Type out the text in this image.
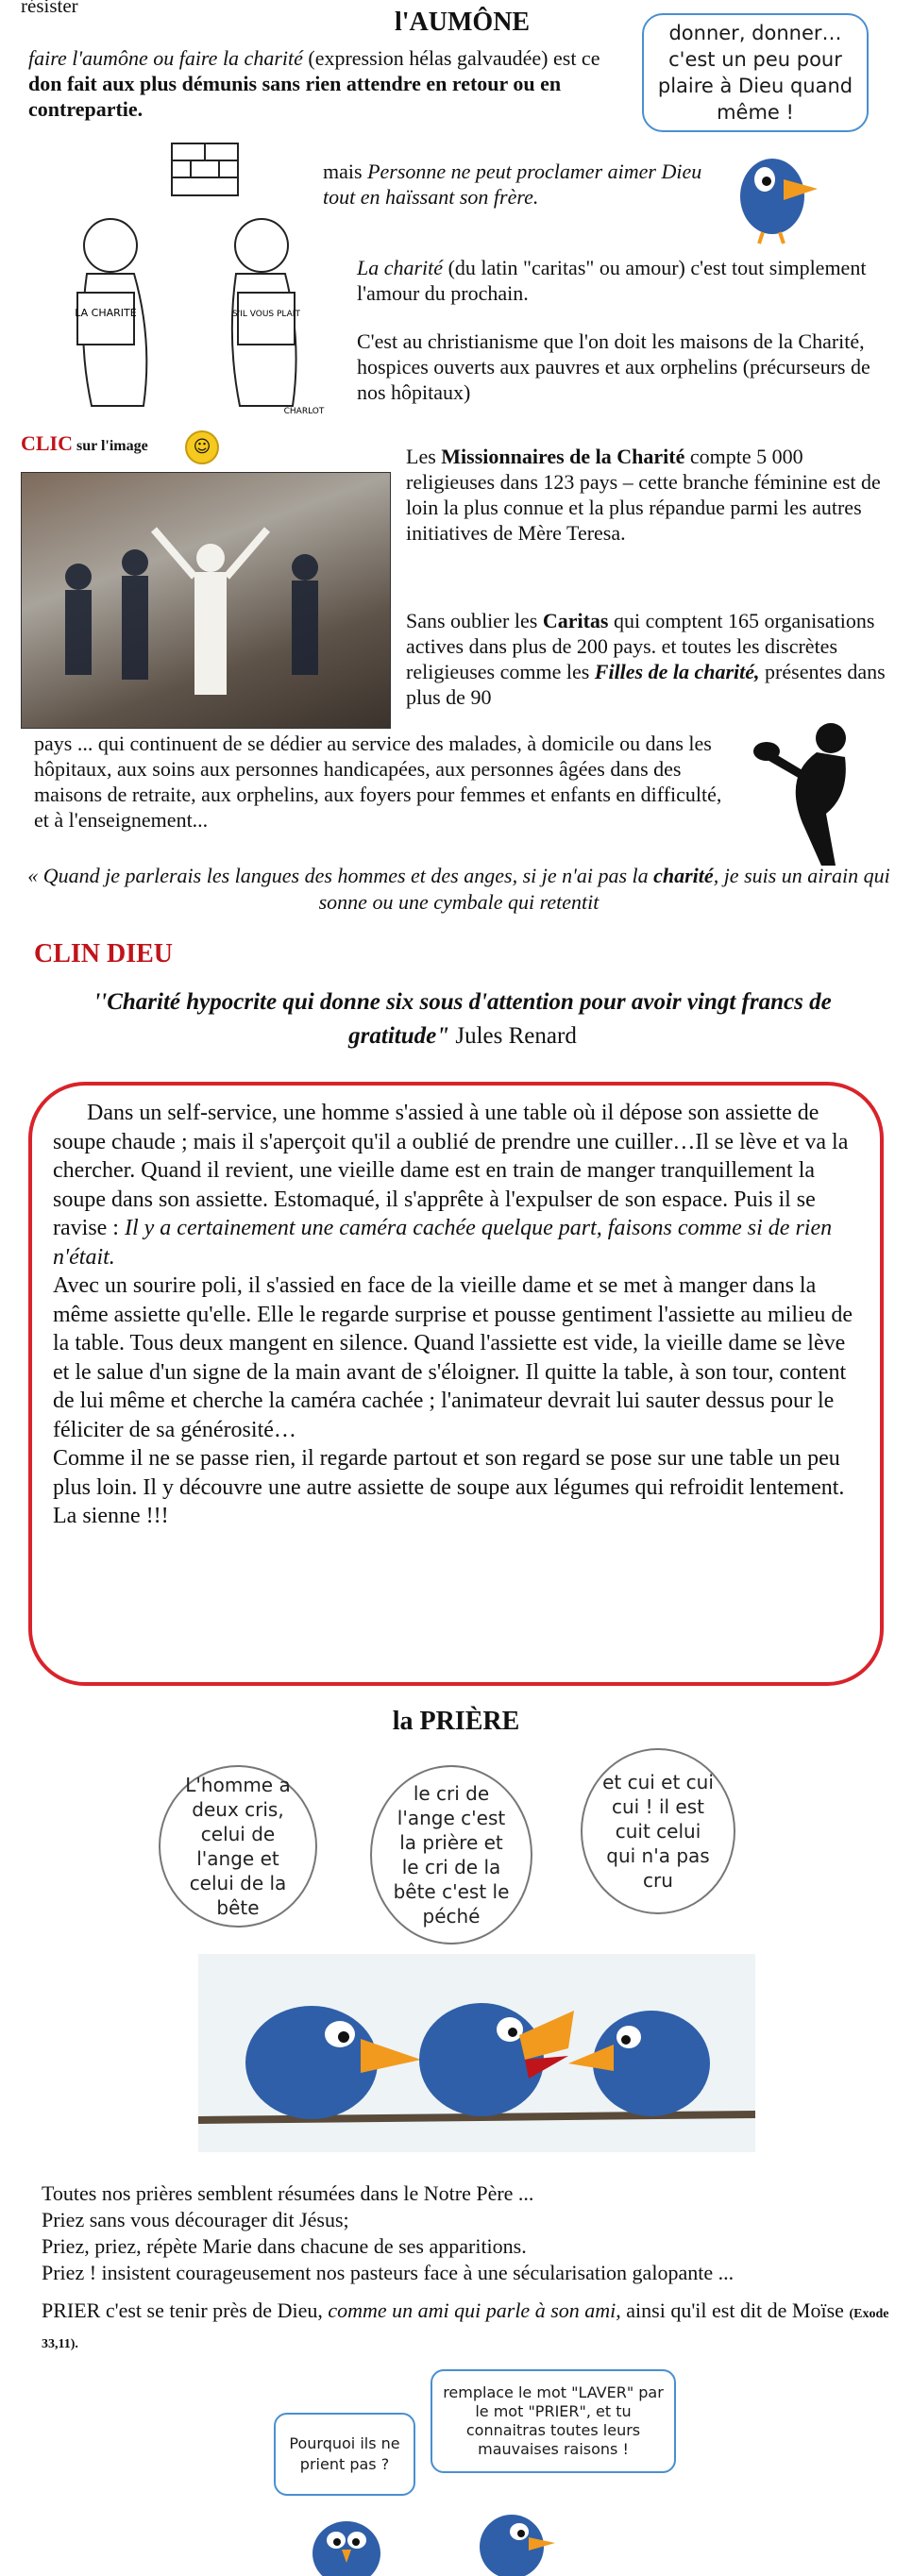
résister
l'AUMÔNE
faire l'aumône ou faire la charité (expression hélas galvaudée) est ce don fait aux plus démunis sans rien attendre en retour ou en contrepartie.
donner, donner… c'est un peu pour plaire à Dieu quand même !
LA CHARITÉ	S'IL VOUS PLAIT
CHARLOT
mais Personne ne peut proclamer aimer Dieu tout en haïssant son frère.
La charité (du latin "caritas" ou amour) c'est tout simplement l'amour du prochain.
C'est au christianisme que l'on doit les maisons de la Charité, hospices ouverts aux pauvres et aux orphelins (précurseurs de nos hôpitaux)
CLIC sur l'image	☺	Les Missionnaires de la Charité compte 5 000 religieuses dans 123 pays – cette branche féminine est de loin la plus connue et la plus répandue parmi les autres initiatives de Mère Teresa.
Sans oublier les Caritas qui comptent 165 organisations actives dans plus de 200 pays. et toutes les discrètes religieuses comme les Filles de la charité, présentes dans plus de 90
pays ... qui continuent de se dédier au service des malades, à domicile ou dans les hôpitaux, aux soins aux personnes handicapées, aux personnes âgées dans des maisons de retraite, aux orphelins, aux foyers pour femmes et enfants en difficulté, et à l'enseignement...
« Quand je parlerais les langues des hommes et des anges, si je n'ai pas la charité, je suis un airain qui sonne ou une cymbale qui retentit
CLIN DIEU
''Charité hypocrite qui donne six sous d'attention pour avoir vingt francs de gratitude" Jules Renard

Dans un self-service, une homme s'assied à une table où il dépose son assiette de soupe chaude ; mais il s'aperçoit qu'il a oublié de prendre une cuiller…Il se lève et va la chercher. Quand il revient, une vieille dame est en train de manger tranquillement la soupe dans son assiette. Estomaqué, il s'apprête à l'expulser de son espace. Puis il se ravise : Il y a certainement une caméra cachée quelque part, faisons comme si de rien n'était.

Avec un sourire poli, il s'assied en face de la vieille dame et se met à manger dans la même assiette qu'elle. Elle le regarde surprise et pousse gentiment l'assiette au milieu de la table. Tous deux mangent en silence. Quand l'assiette est vide, la vieille dame se lève et le salue d'un signe de la main avant de s'éloigner. Il quitte la table, à son tour, content de lui même et cherche la caméra cachée ; l'animateur devrait lui sauter dessus pour le féliciter de sa générosité…

Comme il ne se passe rien, il regarde partout et son regard se pose sur une table un peu plus loin. Il y découvre une autre assiette de soupe aux légumes qui refroidit lentement. La sienne !!!

la PRIÈRE
L'homme a deux cris, celui de l'ange et celui de la bête
le cri de l'ange c'est la prière et le cri de la bête c'est le péché
et cui et cui cui ! il est cuit celui qui n'a pas cru

Toutes nos prières semblent résumées dans le Notre Père ...

Priez sans vous décourager dit Jésus;

Priez, priez, répète Marie dans chacune de ses apparitions.

Priez ! insistent courageusement nos pasteurs face à une sécularisation galopante ...

PRIER c'est se tenir près de Dieu, comme un ami qui parle à son ami, ainsi qu'il est dit de Moïse (Exode 33,11).
Pourquoi ils ne prient pas ?
remplace le mot "LAVER" par le mot "PRIER", et tu connaitras toutes leurs mauvaises raisons !
